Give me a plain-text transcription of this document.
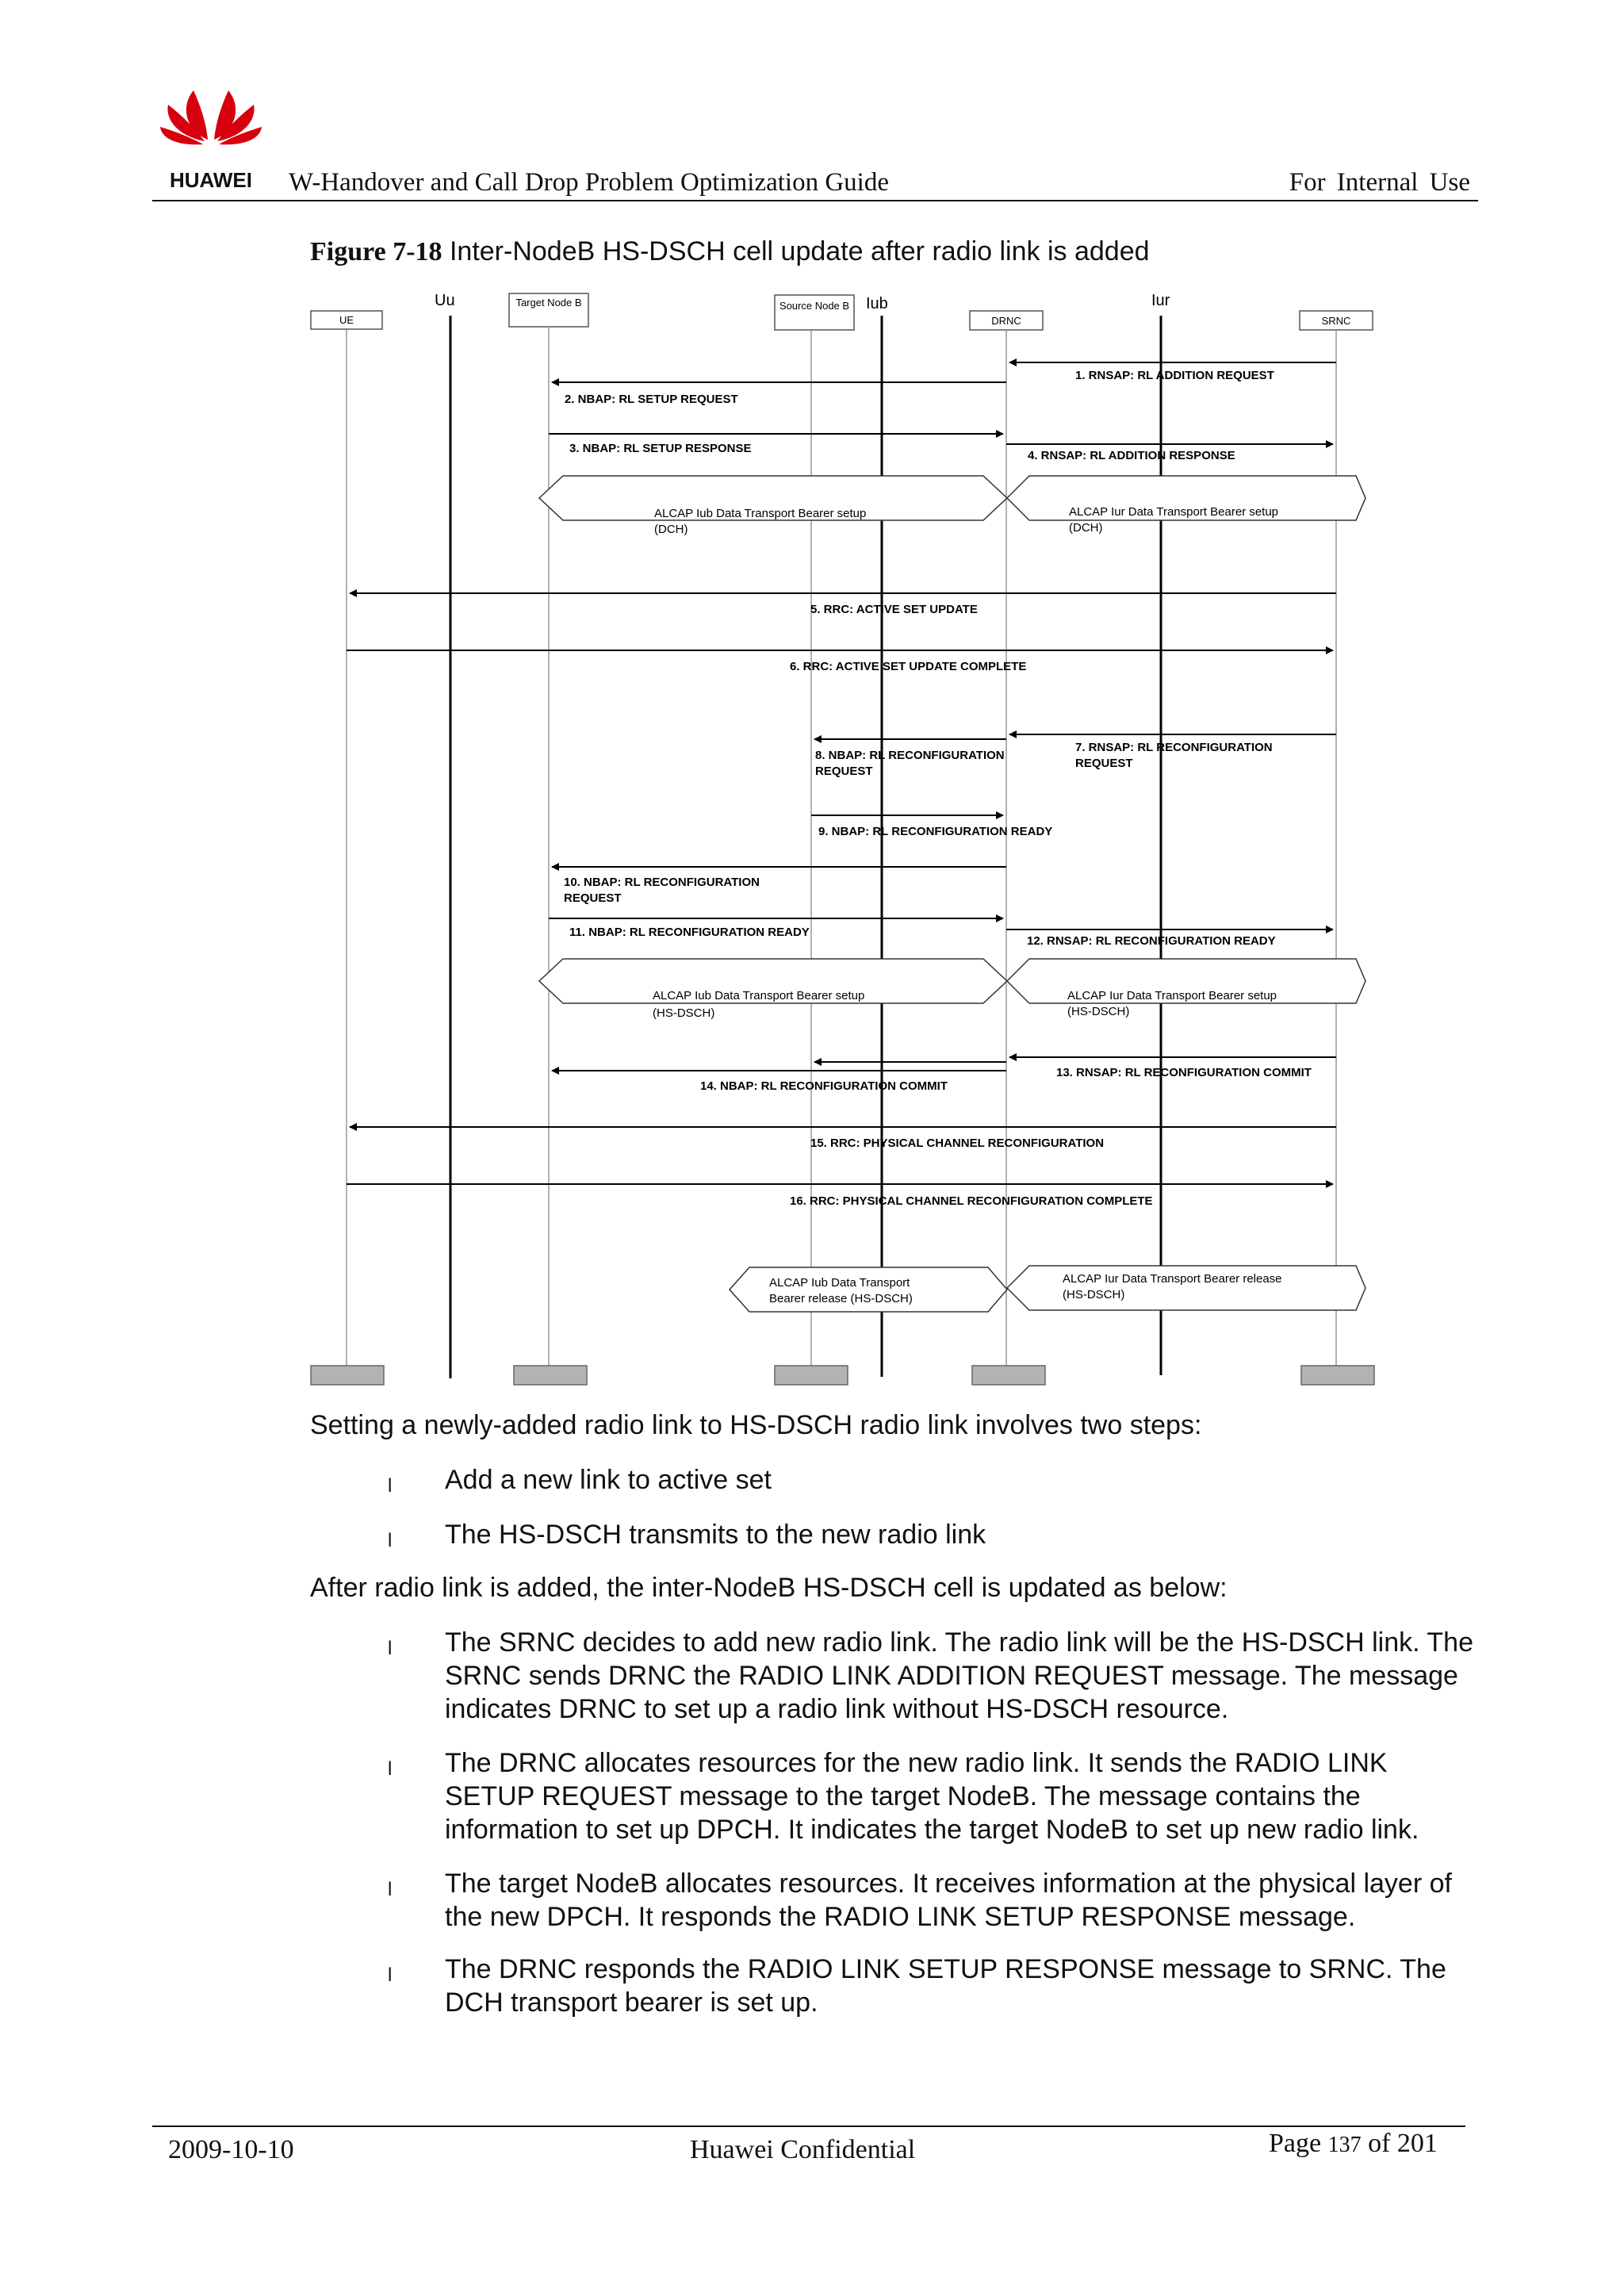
HUAWEI W-Handover and Call Drop Problem Optimization Guide	For Internal Use
Figure 7-18 Inter-NodeB HS-DSCH cell update after radio link is added
Uu	Iub	Iur
UE
Target Node B	Source Node B
DRNC	SRNC
1. RNSAP: RL ADDITION REQUEST
2. NBAP: RL SETUP REQUEST
3. NBAP: RL SETUP RESPONSE
4. RNSAP: RL ADDITION RESPONSE
5. RRC: ACTIVE SET UPDATE
6. RRC: ACTIVE SET UPDATE COMPLETE
7. RNSAP: RL RECONFIGURATION
REQUEST
8. NBAP: RL RECONFIGURATION
REQUEST
9. NBAP: RL RECONFIGURATION READY
10. NBAP: RL RECONFIGURATION
REQUEST
11. NBAP: RL RECONFIGURATION READY
12. RNSAP: RL RECONFIGURATION READY
13. RNSAP: RL RECONFIGURATION COMMIT
14. NBAP: RL RECONFIGURATION COMMIT
15. RRC: PHYSICAL CHANNEL RECONFIGURATION
16. RRC: PHYSICAL CHANNEL RECONFIGURATION COMPLETE
ALCAP Iub Data Transport Bearer setup
(DCH)
ALCAP Iur Data Transport Bearer setup
(DCH)
ALCAP Iub Data Transport Bearer setup
(HS-DSCH)
ALCAP Iur Data Transport Bearer setup
(HS-DSCH)
ALCAP Iub Data Transport
Bearer release (HS-DSCH)
ALCAP Iur Data Transport Bearer release
(HS-DSCH)
Setting a newly-added radio link to HS-DSCH radio link involves two steps:
l Add a new link to active set
l The HS-DSCH transmits to the new radio link
After radio link is added, the inter-NodeB HS-DSCH cell is updated as below:
l The SRNC decides to add new radio link. The radio link will be the HS-DSCH link. The SRNC sends DRNC the RADIO LINK ADDITION REQUEST message. The message indicates DRNC to set up a radio link without HS-DSCH resource.
l The DRNC allocates resources for the new radio link. It sends the RADIO LINK SETUP REQUEST message to the target NodeB. The message contains the information to set up DPCH. It indicates the target NodeB to set up new radio link.
l The target NodeB allocates resources. It receives information at the physical layer of the new DPCH. It responds the RADIO LINK SETUP RESPONSE message.
l The DRNC responds the RADIO LINK SETUP RESPONSE message to SRNC. The DCH transport bearer is set up.
2009-10-10	Huawei Confidential	Page 137 of 201
